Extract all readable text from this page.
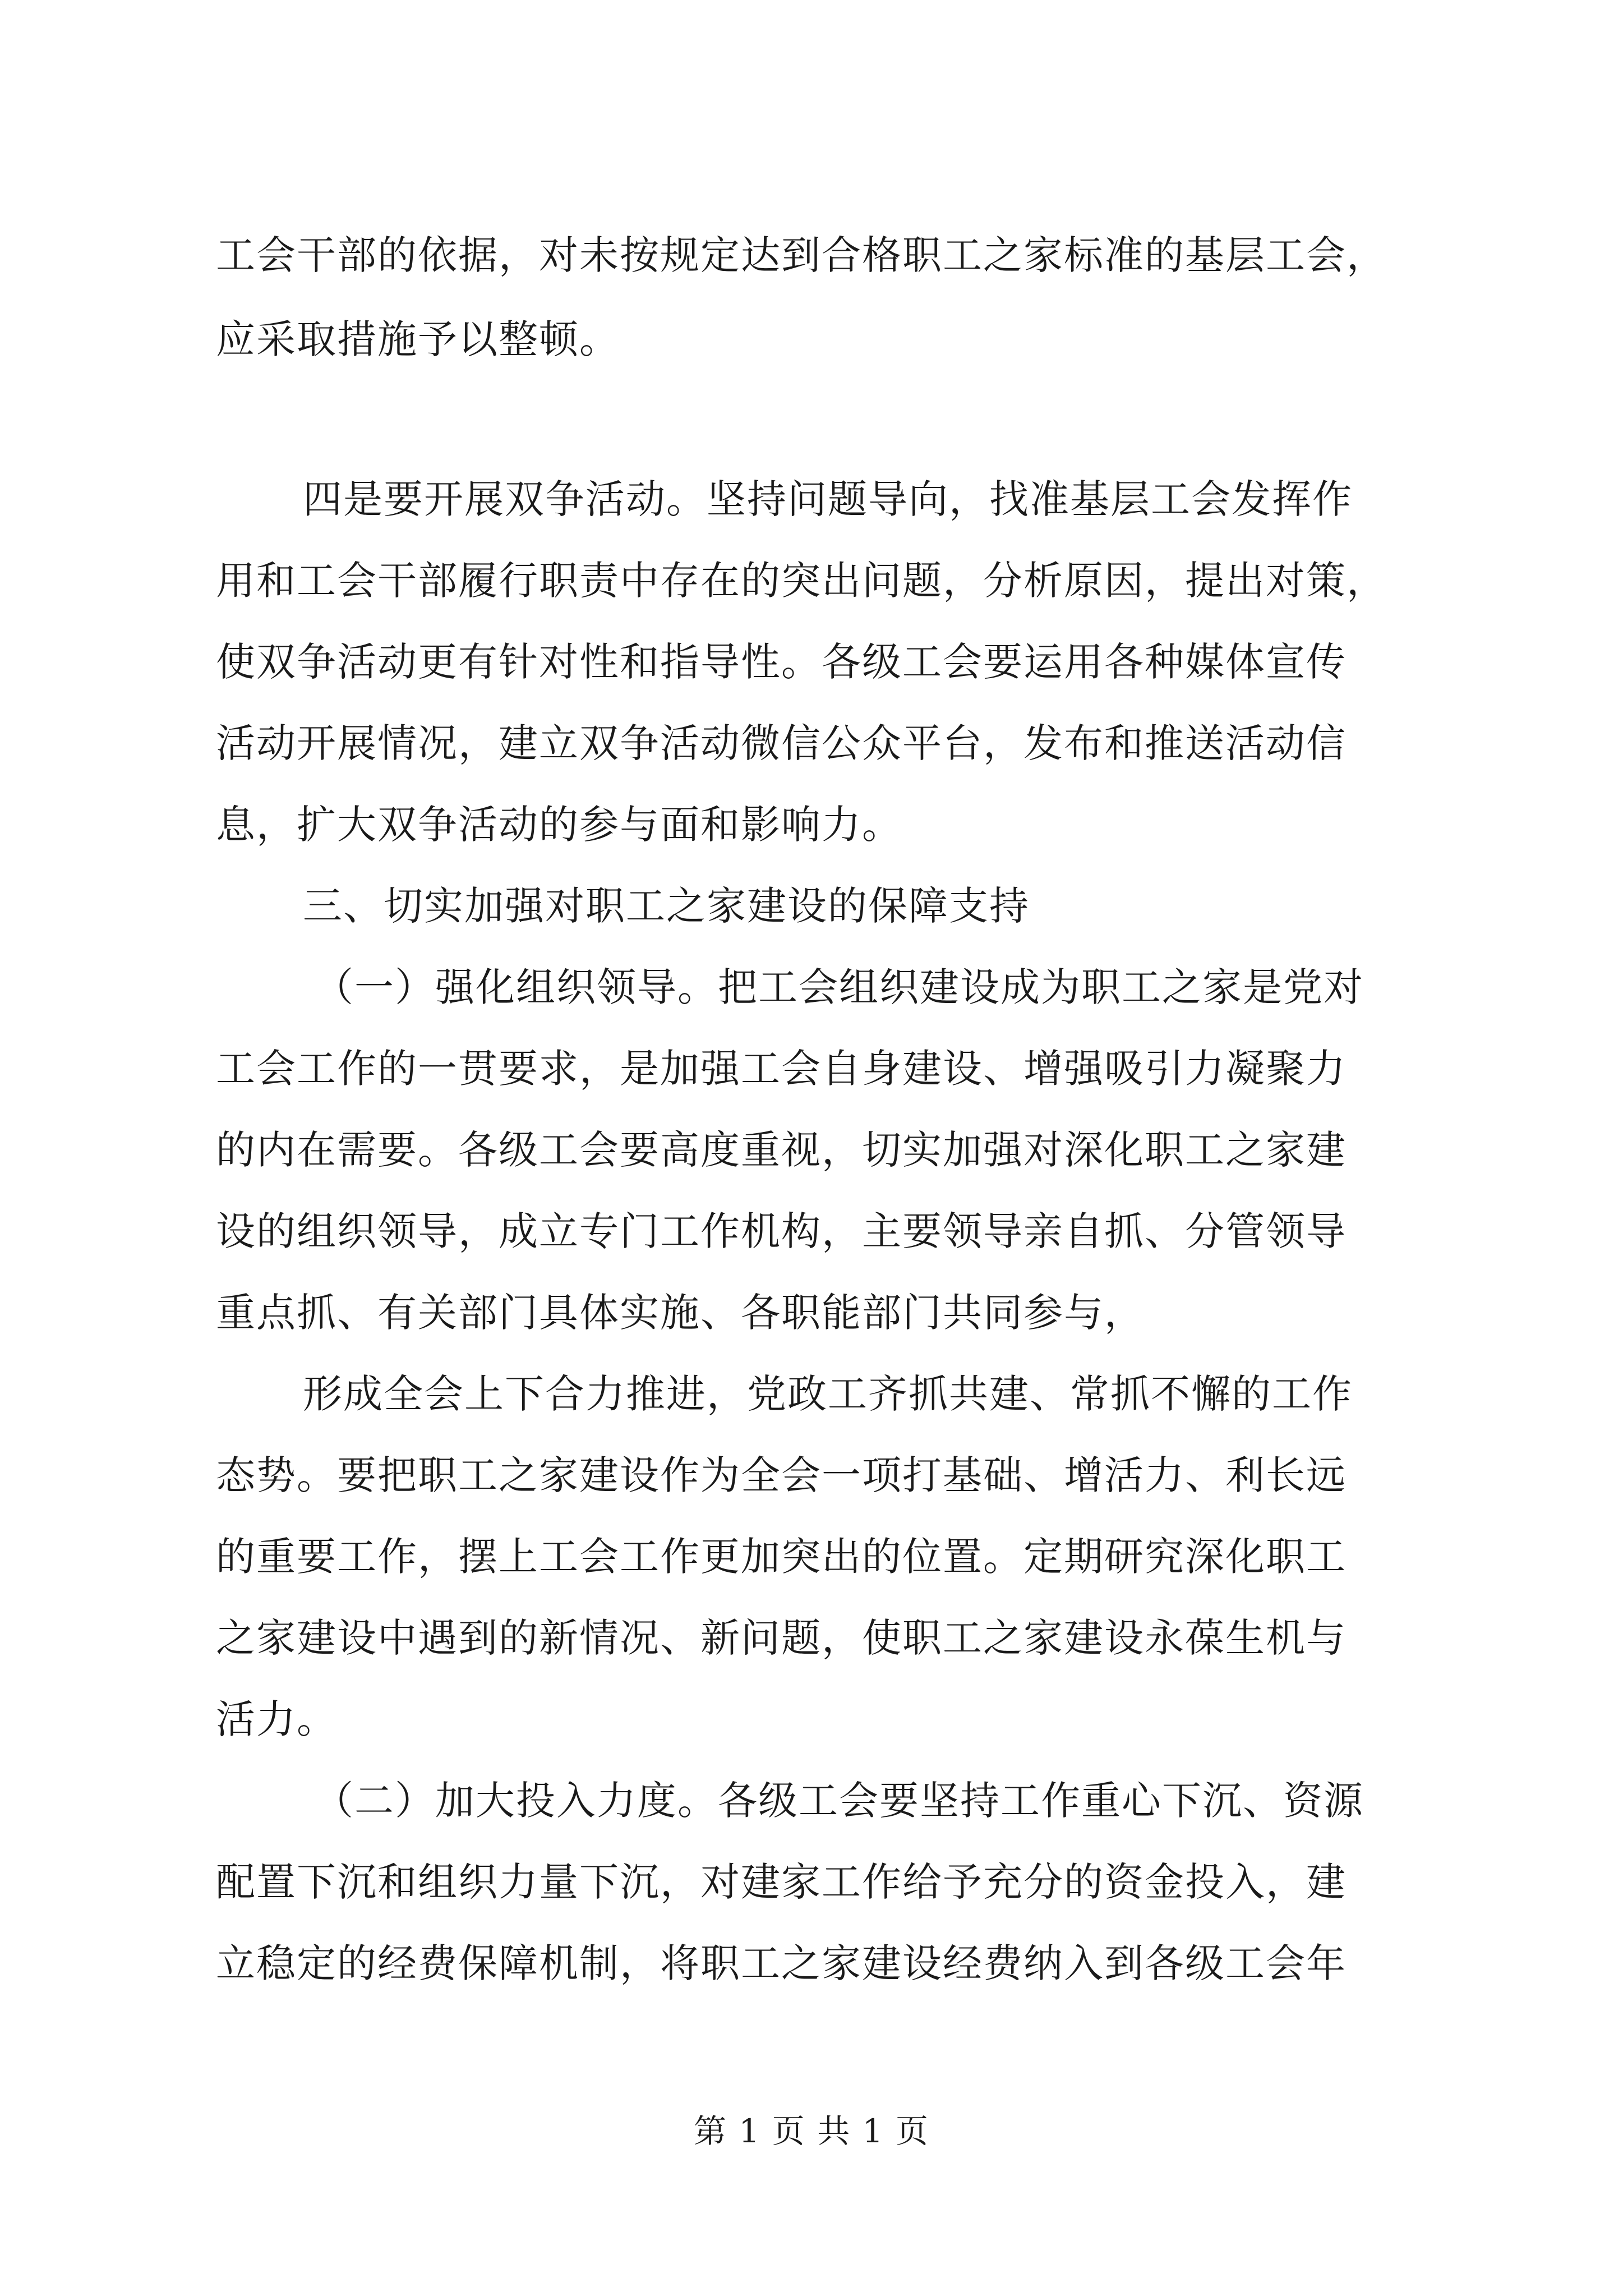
工会干部的依据，对未按规定达到合格职工之家标准的基层工会，
应采取措施予以整顿。
四是要开展双争活动。坚持问题导向，找准基层工会发挥作
用和工会干部履行职责中存在的突出问题，分析原因，提出对策，
使双争活动更有针对性和指导性。各级工会要运用各种媒体宣传
活动开展情况，建立双争活动微信公众平台，发布和推送活动信
息，扩大双争活动的参与面和影响力。
三、切实加强对职工之家建设的保障支持
（一）强化组织领导。把工会组织建设成为职工之家是党对
工会工作的一贯要求，是加强工会自身建设、增强吸引力凝聚力
的内在需要。各级工会要高度重视，切实加强对深化职工之家建
设的组织领导，成立专门工作机构，主要领导亲自抓、分管领导
重点抓、有关部门具体实施、各职能部门共同参与，
形成全会上下合力推进，党政工齐抓共建、常抓不懈的工作
态势。要把职工之家建设作为全会一项打基础、增活力、利长远
的重要工作，摆上工会工作更加突出的位置。定期研究深化职工
之家建设中遇到的新情况、新问题，使职工之家建设永葆生机与
活力。
（二）加大投入力度。各级工会要坚持工作重心下沉、资源
配置下沉和组织力量下沉，对建家工作给予充分的资金投入，建
立稳定的经费保障机制，将职工之家建设经费纳入到各级工会年
第 1 页 共 1 页
